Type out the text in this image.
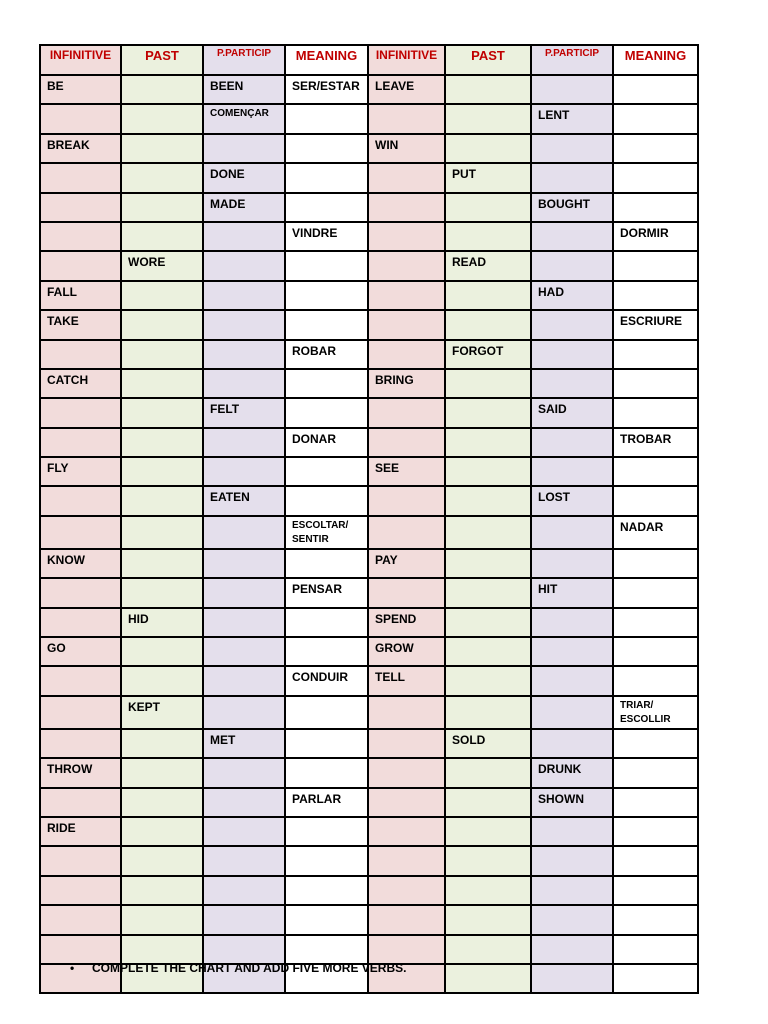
INFINITIVE	PAST	P.PARTICIP	MEANING	INFINITIVE	PAST	P.PARTICIP	MEANING
BE		BEEN	SER/ESTAR	LEAVE			
		COMENÇAR				LENT	
BREAK				WIN			
		DONE			PUT		
		MADE				BOUGHT	
			VINDRE				DORMIR
	WORE				READ		
FALL						HAD	
TAKE							ESCRIURE
			ROBAR		FORGOT		
CATCH				BRING			
		FELT				SAID	
			DONAR				TROBAR
FLY				SEE			
		EATEN				LOST	
			ESCOLTAR/ SENTIR				NADAR
KNOW				PAY			
			PENSAR			HIT	
	HID			SPEND			
GO				GROW			
			CONDUIR	TELL			
	KEPT						TRIAR/ ESCOLLIR
		MET			SOLD		
THROW						DRUNK	
			PARLAR			SHOWN	
RIDE							

• COMPLETE THE CHART AND ADD FIVE MORE VERBS.
